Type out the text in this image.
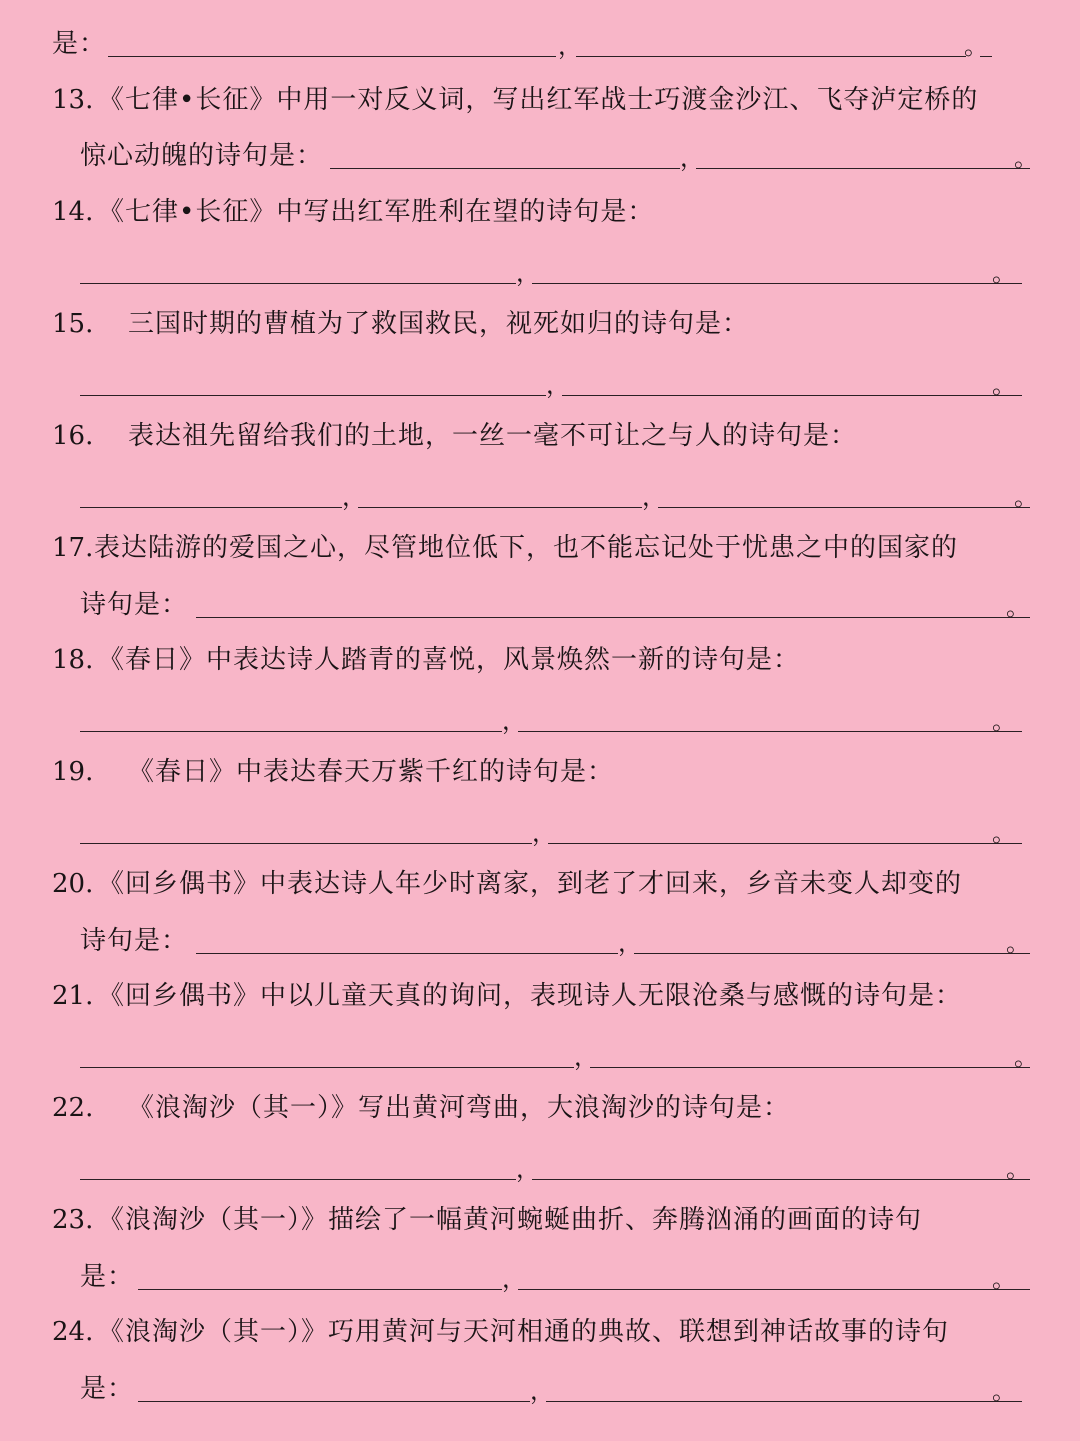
是：	，	。
13. 《七律•长征》中用一对反义词，写出红军战士巧渡金沙江、飞夺泸定桥的
惊心动魄的诗句是：	，	。
14. 《七律•长征》中写出红军胜利在望的诗句是：
，	。
15. 三国时期的曹植为了救国救民，视死如归的诗句是：
，	。
16. 表达祖先留给我们的土地，一丝一毫不可让之与人的诗句是：
，	，	。
17. 表达陆游的爱国之心，尽管地位低下，也不能忘记处于忧患之中的国家的
诗句是：	。
18. 《春日》中表达诗人踏青的喜悦，风景焕然一新的诗句是：
，	。
19. 《春日》中表达春天万紫千红的诗句是：
，	。
20. 《回乡偶书》中表达诗人年少时离家，到老了才回来，乡音未变人却变的
诗句是：	，	。
21. 《回乡偶书》中以儿童天真的询问，表现诗人无限沧桑与感慨的诗句是：
，	。
22. 《浪淘沙（其一）》写出黄河弯曲，大浪淘沙的诗句是：
，	。
23. 《浪淘沙（其一）》描绘了一幅黄河蜿蜒曲折、奔腾汹涌的画面的诗句
是：	，	。
24. 《浪淘沙（其一）》巧用黄河与天河相通的典故、联想到神话故事的诗句
是：	，	。
